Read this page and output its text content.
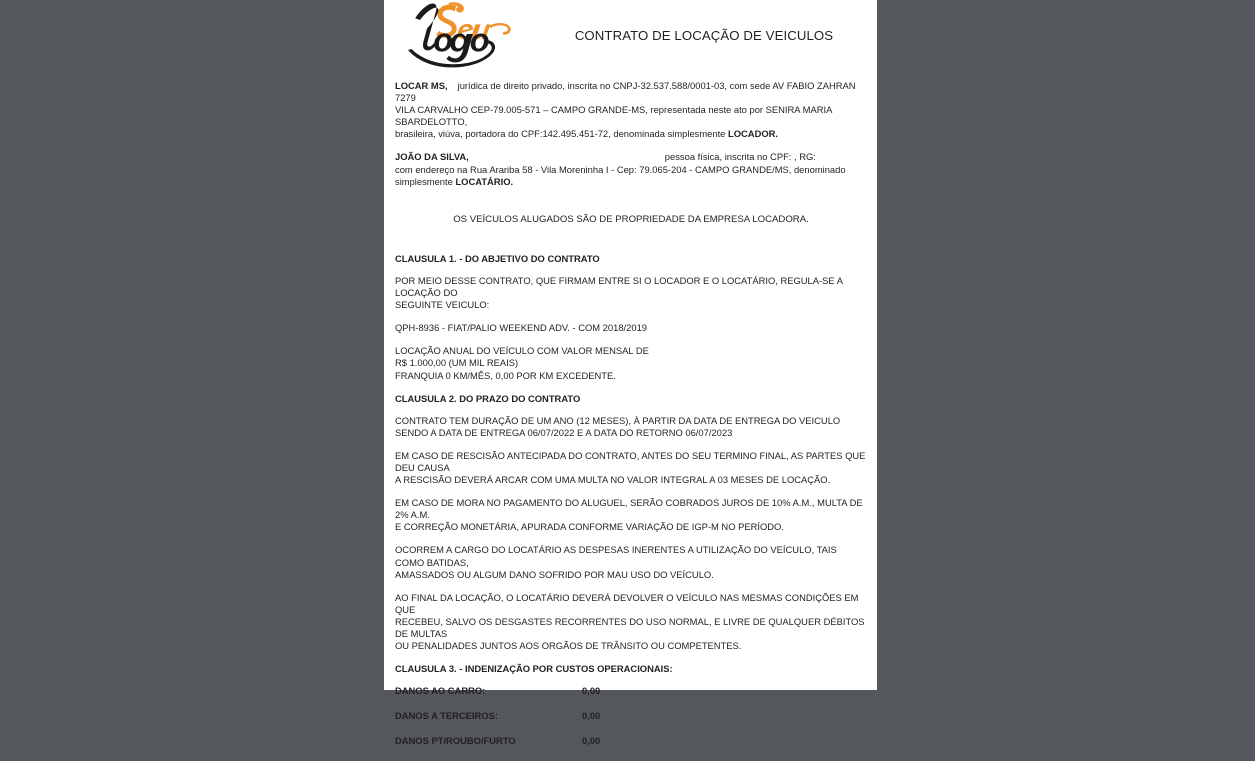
CONTRATO DE LOCAÇÃO DE VEICULOS
LOCAR MS, jurídica de direito privado, inscrita no CNPJ-32.537.588/0001-03, com sede AV FABIO ZAHRAN 7279
VILA CARVALHO CEP-79.005-571 – CAMPO GRANDE-MS, representada neste ato por SENIRA MARIA SBARDELOTTO,
brasileira, viúva, portadora do CPF:142.495.451-72, denominada simplesmente LOCADOR.
JOÃO DA SILVA,	pessoa física, inscrita no CPF: , RG:
com endereço na Rua Arariba 58 - Vila Moreninha I - Cep: 79.065-204 - CAMPO GRANDE/MS, denominado
simplesmente LOCATÁRIO.
OS VEÍCULOS ALUGADOS SÃO DE PROPRIEDADE DA EMPRESA LOCADORA.
CLAUSULA 1. - DO ABJETIVO DO CONTRATO
POR MEIO DESSE CONTRATO, QUE FIRMAM ENTRE SI O LOCADOR E O LOCATÁRIO, REGULA-SE A LOCAÇÃO DO
SEGUINTE VEICULO:
QPH-8936 - FIAT/PALIO WEEKEND ADV. - COM 2018/2019
LOCAÇÃO ANUAL DO VEÍCULO COM VALOR MENSAL DE
R$ 1.000,00 (UM MIL REAIS)
FRANQUIA 0 KM/MÊS, 0,00 POR KM EXCEDENTE.
CLAUSULA 2. DO PRAZO DO CONTRATO
CONTRATO TEM DURAÇÃO DE UM ANO (12 MESES), À PARTIR DA DATA DE ENTREGA DO VEICULO
SENDO A DATA DE ENTREGA 06/07/2022 E A DATA DO RETORNO 06/07/2023
EM CASO DE RESCISÃO ANTECIPADA DO CONTRATO, ANTES DO SEU TERMINO FINAL, AS PARTES QUE DEU CAUSA
A RESCISÃO DEVERÁ ARCAR COM UMA MULTA NO VALOR INTEGRAL A 03 MESES DE LOCAÇÃO.
EM CASO DE MORA NO PAGAMENTO DO ALUGUEL, SERÃO COBRADOS JUROS DE 10% A.M., MULTA DE 2% A.M.
E CORREÇÃO MONETÁRIA, APURADA CONFORME VARIAÇÃO DE IGP-M NO PERÍODO.
OCORREM A CARGO DO LOCATÁRIO AS DESPESAS INERENTES A UTILIZAÇÃO DO VEÍCULO, TAIS COMO BATIDAS,
AMASSADOS OU ALGUM DANO SOFRIDO POR MAU USO DO VEÍCULO.
AO FINAL DA LOCAÇÃO, O LOCATÁRIO DEVERÁ DEVOLVER O VEÍCULO NAS MESMAS CONDIÇÕES EM QUE
RECEBEU, SALVO OS DESGASTES RECORRENTES DO USO NORMAL, E LIVRE DE QUALQUER DÉBITOS DE MULTAS
OU PENALIDADES JUNTOS AOS ORGÃOS DE TRÂNSITO OU COMPETENTES.
CLAUSULA 3. - INDENIZAÇÃO POR CUSTOS OPERACIONAIS:
DANOS AO CARRO:	0,00
DANOS A TERCEIROS:	0,00
DANOS PT/ROUBO/FURTO	0,00
